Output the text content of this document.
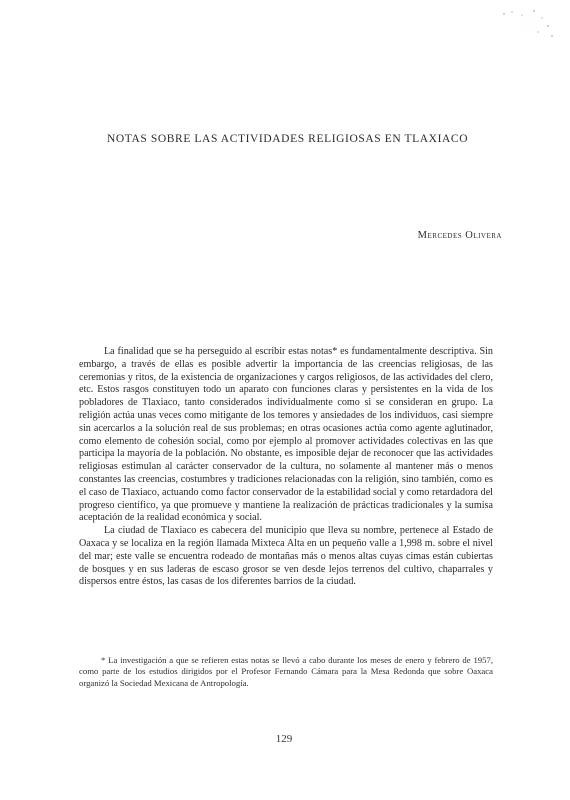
NOTAS SOBRE LAS ACTIVIDADES RELIGIOSAS EN TLAXIACO
Mercedes Olivera

La finalidad que se ha perseguido al escribir estas notas* es fundamentalmente descriptiva. Sin embargo, a través de ellas es posible advertir la importancia de las creencias religiosas, de las ceremonias y ritos, de la existencia de organizaciones y cargos religiosos, de las actividades del clero, etc. Estos rasgos constituyen todo un aparato con funciones claras y persistentes en la vida de los pobladores de Tlaxiaco, tanto considerados individualmente como si se consideran en grupo. La religión actúa unas veces como mitigante de los temores y ansiedades de los individuos, casi siempre sin acercarlos a la solución real de sus problemas; en otras ocasiones actúa como agente aglutinador, como elemento de cohesión social, como por ejemplo al promover actividades colectivas en las que participa la mayoría de la población. No obstante, es imposible dejar de reconocer que las actividades religiosas estimulan al carácter conservador de la cultura, no solamente al mantener más o menos constantes las creencias, costumbres y tradiciones relacionadas con la religión, sino también, como es el caso de Tlaxiaco, actuando como factor conservador de la estabilidad social y como retardadora del progreso científico, ya que promueve y mantiene la realización de prácticas tradicionales y la sumisa aceptación de la realidad económica y social.

La ciudad de Tlaxiaco es cabecera del municipio que lleva su nombre, pertenece al Estado de Oaxaca y se localiza en la región llamada Mixteca Alta en un pequeño valle a 1,998 m. sobre el nivel del mar; este valle se encuentra rodeado de montañas más o menos altas cuyas cimas están cubiertas de bosques y en sus laderas de escaso grosor se ven desde lejos terrenos del cultivo, chaparrales y dispersos entre éstos, las casas de los diferentes barrios de la ciudad.

* La investigación a que se refieren estas notas se llevó a cabo durante los meses de enero y febrero de 1957, como parte de los estudios dirigidos por el Profesor Fernando Cámara para la Mesa Redonda que sobre Oaxaca organizó la Sociedad Mexicana de Antropología.

129
